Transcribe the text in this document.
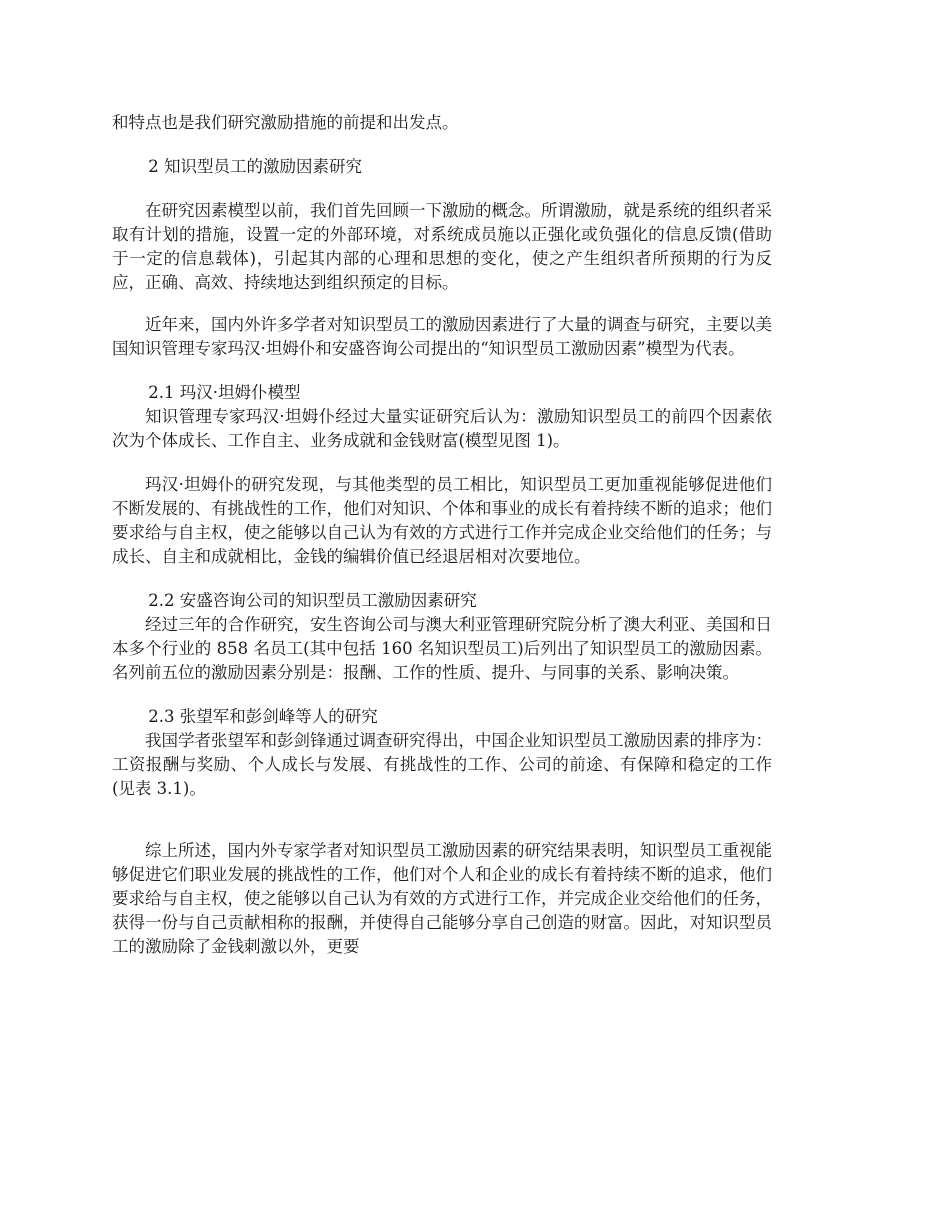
和特点也是我们研究激励措施的前提和出发点。

2 知识型员工的激励因素研究

在研究因素模型以前，我们首先回顾一下激励的概念。所谓激励，就是系统的组织者采取有计划的措施，设置一定的外部环境，对系统成员施以正强化或负强化的信息反馈(借助于一定的信息载体)，引起其内部的心理和思想的变化，使之产生组织者所预期的行为反应，正确、高效、持续地达到组织预定的目标。

近年来，国内外许多学者对知识型员工的激励因素进行了大量的调查与研究，主要以美国知识管理专家玛汉·坦姆仆和安盛咨询公司提出的“知识型员工激励因素”模型为代表。

2.1 玛汉·坦姆仆模型

知识管理专家玛汉·坦姆仆经过大量实证研究后认为：激励知识型员工的前四个因素依次为个体成长、工作自主、业务成就和金钱财富(模型见图 1)。

玛汉·坦姆仆的研究发现，与其他类型的员工相比，知识型员工更加重视能够促进他们不断发展的、有挑战性的工作，他们对知识、个体和事业的成长有着持续不断的追求；他们要求给与自主权，使之能够以自己认为有效的方式进行工作并完成企业交给他们的任务；与成长、自主和成就相比，金钱的编辑价值已经退居相对次要地位。

2.2 安盛咨询公司的知识型员工激励因素研究

经过三年的合作研究，安生咨询公司与澳大利亚管理研究院分析了澳大利亚、美国和日本多个行业的 858 名员工(其中包括 160 名知识型员工)后列出了知识型员工的激励因素。名列前五位的激励因素分别是：报酬、工作的性质、提升、与同事的关系、影响决策。

2.3 张望军和彭剑峰等人的研究

我国学者张望军和彭剑锋通过调查研究得出，中国企业知识型员工激励因素的排序为：工资报酬与奖励、个人成长与发展、有挑战性的工作、公司的前途、有保障和稳定的工作(见表 3.1)。

综上所述，国内外专家学者对知识型员工激励因素的研究结果表明，知识型员工重视能够促进它们职业发展的挑战性的工作，他们对个人和企业的成长有着持续不断的追求，他们要求给与自主权，使之能够以自己认为有效的方式进行工作，并完成企业交给他们的任务，获得一份与自己贡献相称的报酬，并使得自己能够分享自己创造的财富。因此，对知识型员工的激励除了金钱刺激以外，更要
